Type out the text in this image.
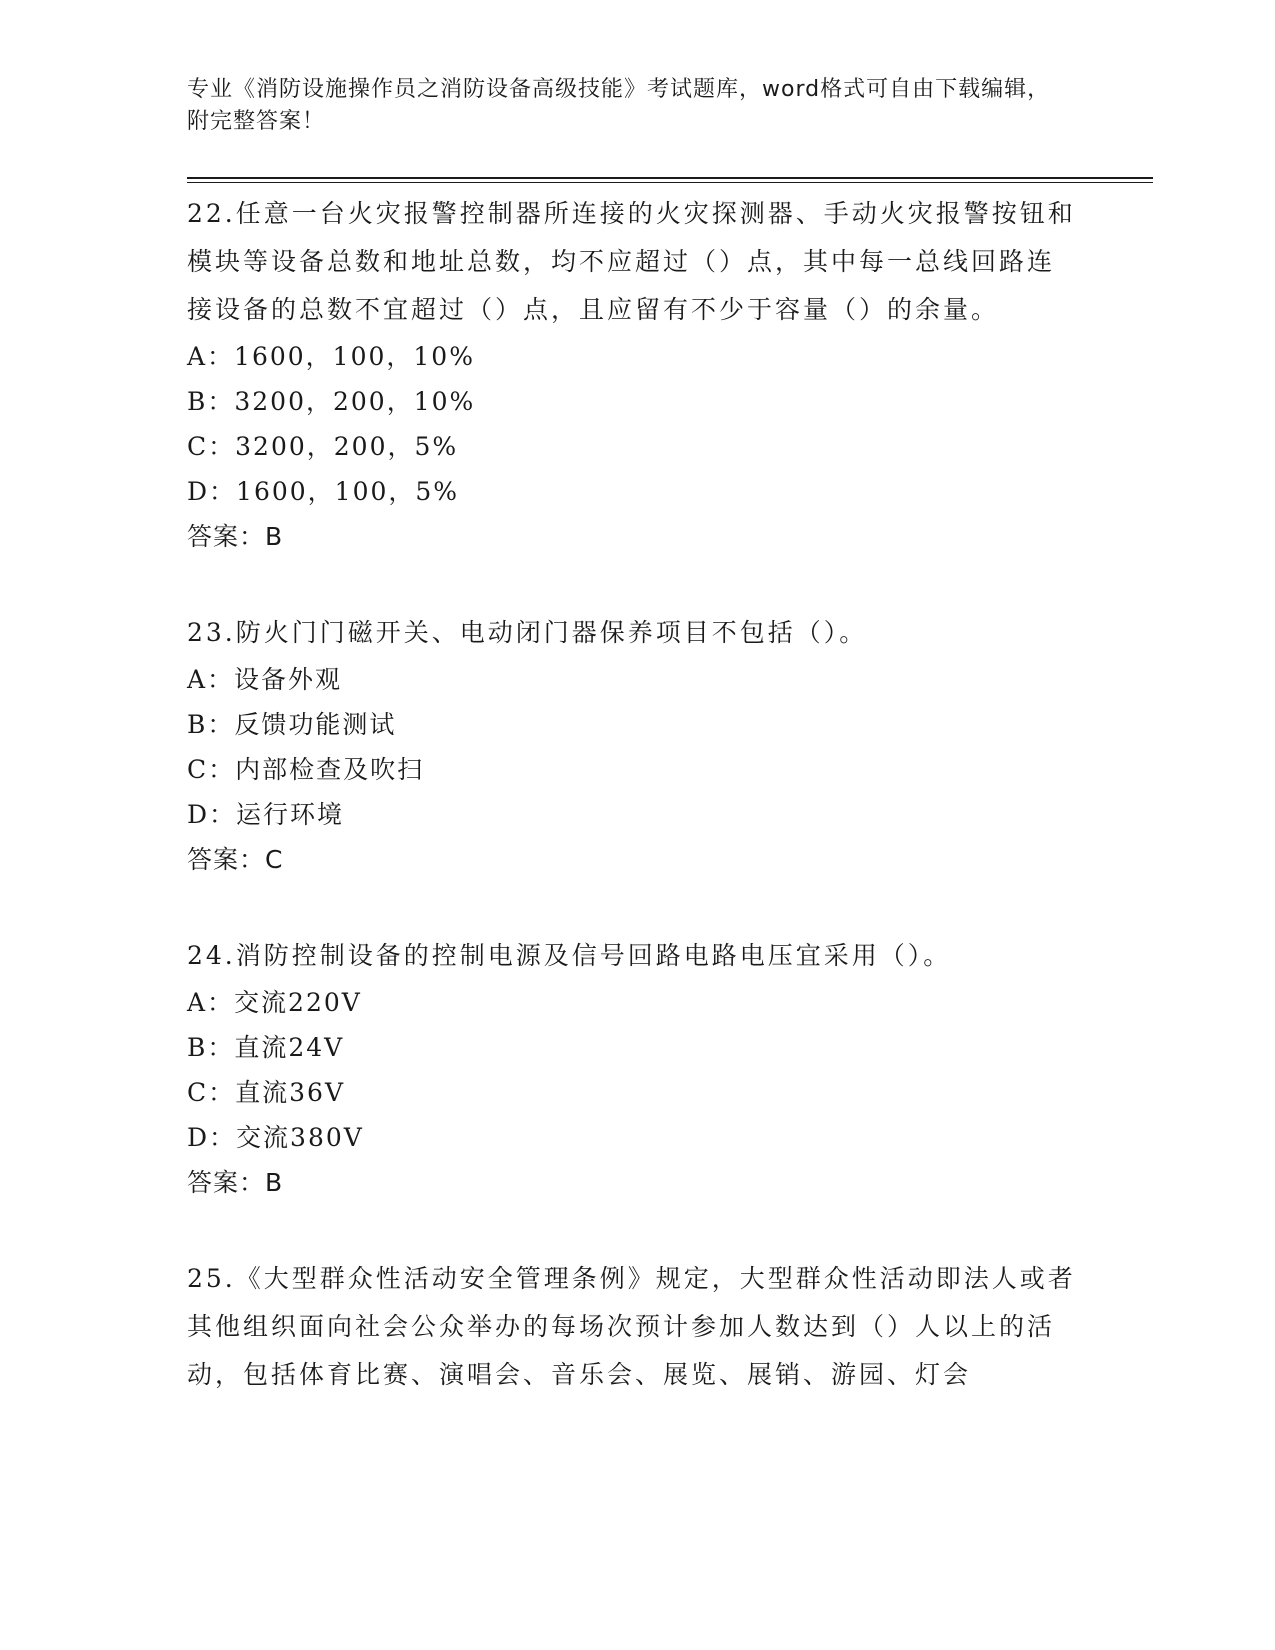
专业《消防设施操作员之消防设备高级技能》考试题库，word格式可自由下载编辑，附完整答案！

22.任意一台火灾报警控制器所连接的火灾探测器、手动火灾报警按钮和模块等设备总数和地址总数，均不应超过（）点，其中每一总线回路连接设备的总数不宜超过（）点，且应留有不少于容量（）的余量。

A：1600，100，10%
B：3200，200，10%
C：3200，200，5%
D：1600，100，5%
答案：B

23.防火门门磁开关、电动闭门器保养项目不包括（）。

A：设备外观
B：反馈功能测试
C：内部检查及吹扫
D：运行环境
答案：C

24.消防控制设备的控制电源及信号回路电路电压宜采用（）。

A：交流220V
B：直流24V
C：直流36V
D：交流380V
答案：B

25.《大型群众性活动安全管理条例》规定，大型群众性活动即法人或者其他组织面向社会公众举办的每场次预计参加人数达到（）人以上的活动，包括体育比赛、演唱会、音乐会、展览、展销、游园、灯会
